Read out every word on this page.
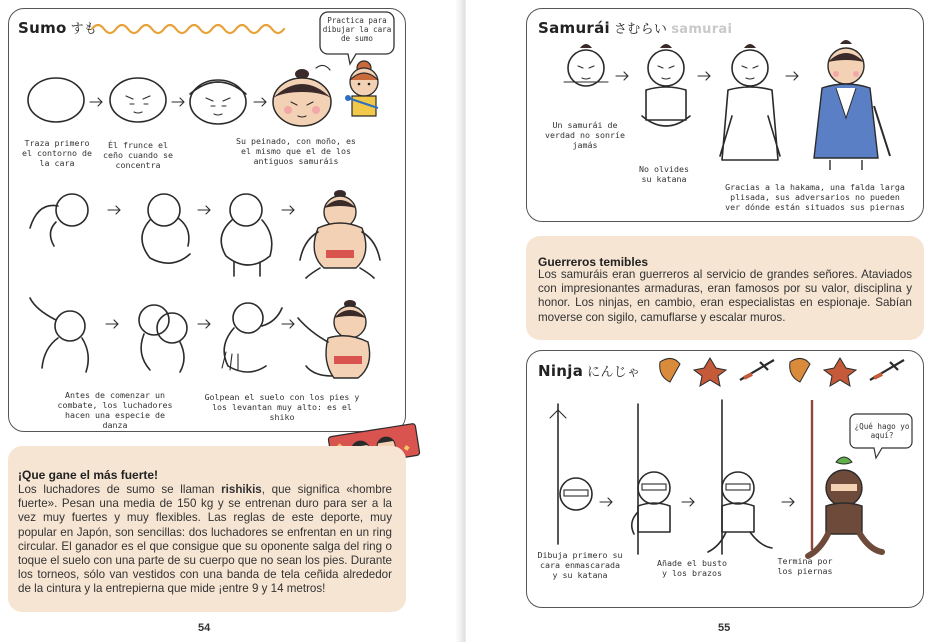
Sumo すも
Practica para dibujar la cara de sumo
Traza primero el contorno de la cara
Él frunce el ceño cuando se concentra
Su peinado, con moño, es el mismo que el de los antiguos samuráis
Antes de comenzar un combate, los luchadores hacen una especie de danza
Golpean el suelo con los pies y los levantan muy alto: es el shiko
¡Que gane el más fuerte!
Los luchadores de sumo se llaman rishikis, que significa «hombre fuerte». Pesan una media de 150 kg y se entrenan duro para ser a la vez muy fuertes y muy flexibles. Las reglas de este deporte, muy popular en Japón, son sencillas: dos luchadores se enfrentan en un ring circular. El ganador es el que consigue que su oponente salga del ring o toque el suelo con una parte de su cuerpo que no sean los pies. Durante los torneos, sólo van vestidos con una banda de tela ceñida alrededor de la cintura y la entrepierna que mide ¡entre 9 y 14 metros!
54
Samurái さむらい samurai
Un samurái de verdad no sonríe jamás
No olvides su katana
Gracias a la hakama, una falda larga plisada, sus adversarios no pueden ver dónde están situados sus piernas
Guerreros temibles
Los samuráis eran guerreros al servicio de grandes señores. Ataviados con impresionantes armaduras, eran famosos por su valor, disciplina y honor. Los ninjas, en cambio, eran especialistas en espionaje. Sabían moverse con sigilo, camuflarse y escalar muros.
Ninja にんじゃ
¿Qué hago yo aquí?
Dibuja primero su cara enmascarada y su katana
Añade el busto y los brazos
Termina por los piernas
55
